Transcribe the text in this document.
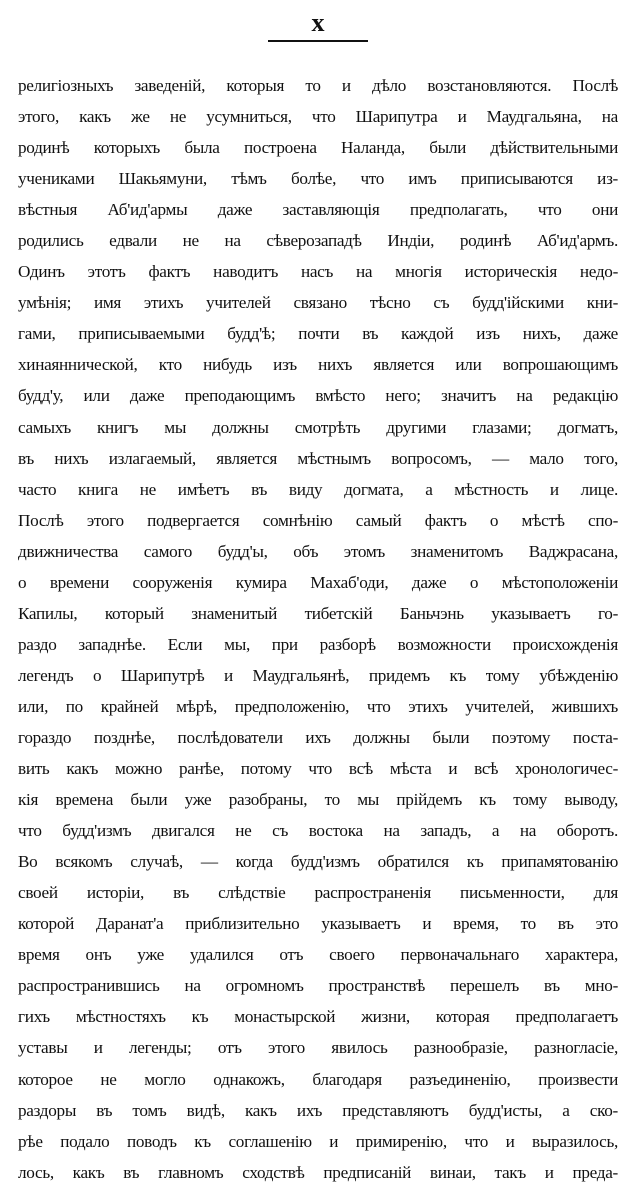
x
религiозныхъ заведенiй, которыя то и дѣло возстановляются. Послѣ
этого, какъ же не усумниться, что Шарипутра и Маудгальяна, на
родинѣ которыхъ была построена Наланда, были дѣйствительными
учениками Шакьямуни, тѣмъ болѣе, что имъ приписываются из-
вѣстныя Аб'ид'армы даже заставляющiя предполагать, что они
родились едвали не на сѣверозападѣ Индiи, родинѣ Аб'ид'армъ.
Одинъ этотъ фактъ наводитъ насъ на многiя историческiя недо-
умѣнiя; имя этихъ учителей связано тѣсно съ будд'iйскими кни-
гами, приписываемыми будд'ѣ; почти въ каждой изъ нихъ, даже
хинаяннической, кто нибудь изъ нихъ является или вопрошающимъ
будд'у, или даже преподающимъ вмѣсто него; значитъ на редакцiю
самыхъ книгъ мы должны смотрѣть другими глазами; догматъ,
въ нихъ излагаемый, является мѣстнымъ вопросомъ, — мало того,
часто книга не имѣетъ въ виду догмата, а мѣстность и лице.
Послѣ этого подвергается сомнѣнiю самый фактъ о мѣстѣ спо-
движничества самого будд'ы, объ этомъ знаменитомъ Ваджрасана,
о времени сооруженiя кумира Махаб'оди, даже о мѣстоположенiи
Капилы, который знаменитый тибетскiй Баньчэнь указываетъ го-
раздо западнѣе. Если мы, при разборѣ возможности происхожденiя
легендъ о Шарипутрѣ и Маудгальянѣ, придемъ къ тому убѣжденiю
или, по крайней мѣрѣ, предположенiю, что этихъ учителей, жившихъ
гораздо позднѣе, послѣдователи ихъ должны были поэтому поста-
вить какъ можно ранѣе, потому что всѣ мѣста и всѣ хронологичес-
кiя времена были уже разобраны, то мы прiйдемъ къ тому выводу,
что будд'измъ двигался не съ востока на западъ, а на оборотъ.
Во всякомъ случаѣ, — когда будд'измъ обратился къ припамятованiю
своей исторiи, въ слѣдствiе распространенiя письменности, для
которой Даранат'а приблизительно указываетъ и время, то въ это
время онъ уже удалился отъ своего первоначальнаго характера,
распространившись на огромномъ пространствѣ перешелъ въ мно-
гихъ мѣстностяхъ къ монастырской жизни, которая предполагаетъ
уставы и легенды; отъ этого явилось разнообразiе, разногласiе,
которое не могло однакожъ, благодаря разъединенiю, произвести
раздоры въ томъ видѣ, какъ ихъ представляютъ будд'исты, а ско-
рѣе подало поводъ къ соглашенiю и примиренiю, что и выразилось,
лось, какъ въ главномъ сходствѣ предписанiй винаи, такъ и преда-
